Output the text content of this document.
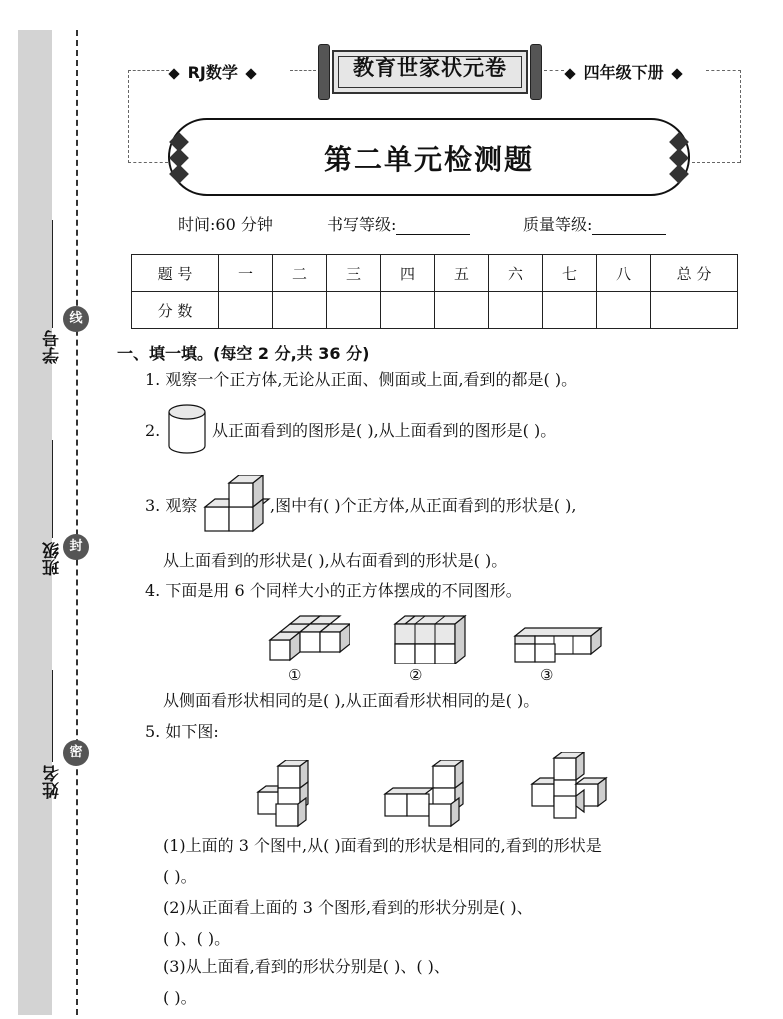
学号
班级
姓名
线
封
密
RJ数学	四年级下册
教育世家状元卷
第二单元检测题
时间:60 分钟	书写等级:	质量等级:
题 号	一	二	三	四	五	六	七	八	总 分
分 数									
一、填一填。(每空 2 分,共 36 分)
1. 观察一个正方体,无论从正面、侧面或上面,看到的都是( )。
2.	从正面看到的图形是( ),从上面看到的图形是( )。
3. 观察	,图中有( )个正方体,从正面看到的形状是( ),
从上面看到的形状是( ),从右面看到的形状是( )。
4. 下面是用 6 个同样大小的正方体摆成的不同图形。
①	②	③
从侧面看形状相同的是( ),从正面看形状相同的是( )。
5. 如下图:
(1)上面的 3 个图中,从( )面看到的形状是相同的,看到的形状是
( )。
(2)从正面看上面的 3 个图形,看到的形状分别是( )、
( )、( )。
(3)从上面看,看到的形状分别是( )、( )、
( )。
